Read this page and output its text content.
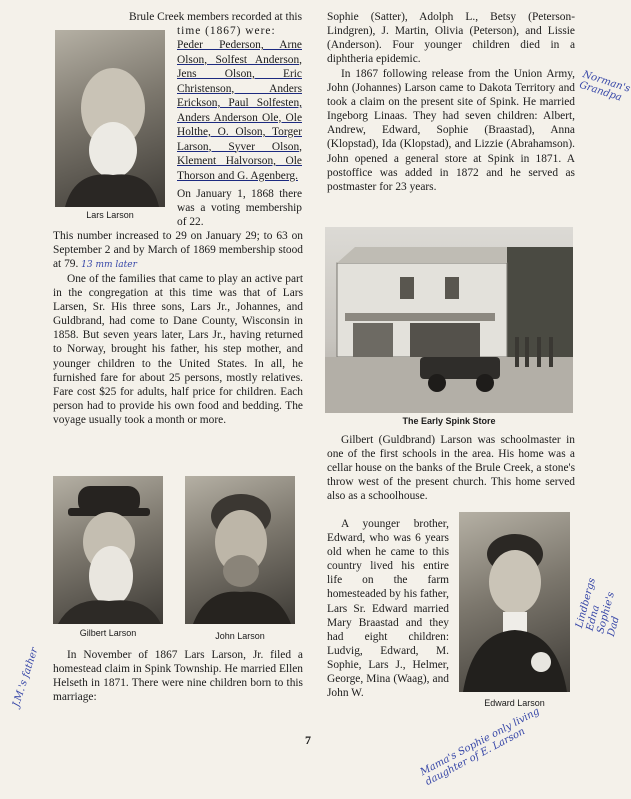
Brule Creek members recorded at this
Lars Larson
time (1867) were:
Peder Pederson, Arne Olson, Solfest Anderson, Jens Olson, Eric Christenson, Anders Erickson, Paul Solfesten, Anders Anderson Ole, Ole Holthe, O. Olson, Torger Larson, Syver Olson, Klement Halvorson, Ole Thorson and G. Agenberg.
On January 1, 1868 there was a voting membership of 22.
This number increased to 29 on January 29; to 63 on September 2 and by March of 1869 membership stood at 79. 13 mm later

One of the families that came to play an active part in the congregation at this time was that of Lars Larsen, Sr. His three sons, Lars Jr., Johannes, and Guldbrand, had come to Dane County, Wisconsin in 1858. But seven years later, Lars Jr., having returned to Norway, brought his father, his step mother, and younger children to the United States. In all, he furnished fare for about 25 persons, mostly relatives. Fare cost $25 for adults, half price for children. Each person had to provide his own food and bedding. The voyage usually took a month or more.

Gilbert Larson	John Larson

In November of 1867 Lars Larson, Jr. filed a homestead claim in Spink Township. He married Ellen Helseth in 1871. There were nine children born to this marriage:

Sophie (Satter), Adolph L., Betsy (Peterson-Lindgren), J. Martin, Olivia (Peterson), and Lissie (Anderson). Four younger children died in a diphtheria epidemic.

In 1867 following release from the Union Army, John (Johannes) Larson came to Dakota Territory and took a claim on the present site of Spink. He married Ingeborg Linaas. They had seven children: Albert, Andrew, Edward, Sophie (Braastad), Anna (Klopstad), Ida (Klopstad), and Lizzie (Abrahamson). John opened a general store at Spink in 1871. A postoffice was added in 1872 and he served as postmaster for 23 years.

The Early Spink Store

Gilbert (Guldbrand) Larson was schoolmaster in one of the first schools in the area. His home was a cellar house on the banks of the Brule Creek, a stone's throw west of the present church. This home served also as a schoolhouse.

A younger brother, Edward, who was 6 years old when he came to this country lived his entire life on the farm homesteaded by his father, Lars Sr. Edward married Mary Braastad and they had eight children: Ludvig, Edward, M. Sophie, Lars J., Helmer, George, Mina (Waag), and John W.

Edward Larson
7
Norman's Grandpa
J.M.'s father
Lindbergs Edna Sophie's Dad
Mama's Sophie only living daughter of E. Larson
